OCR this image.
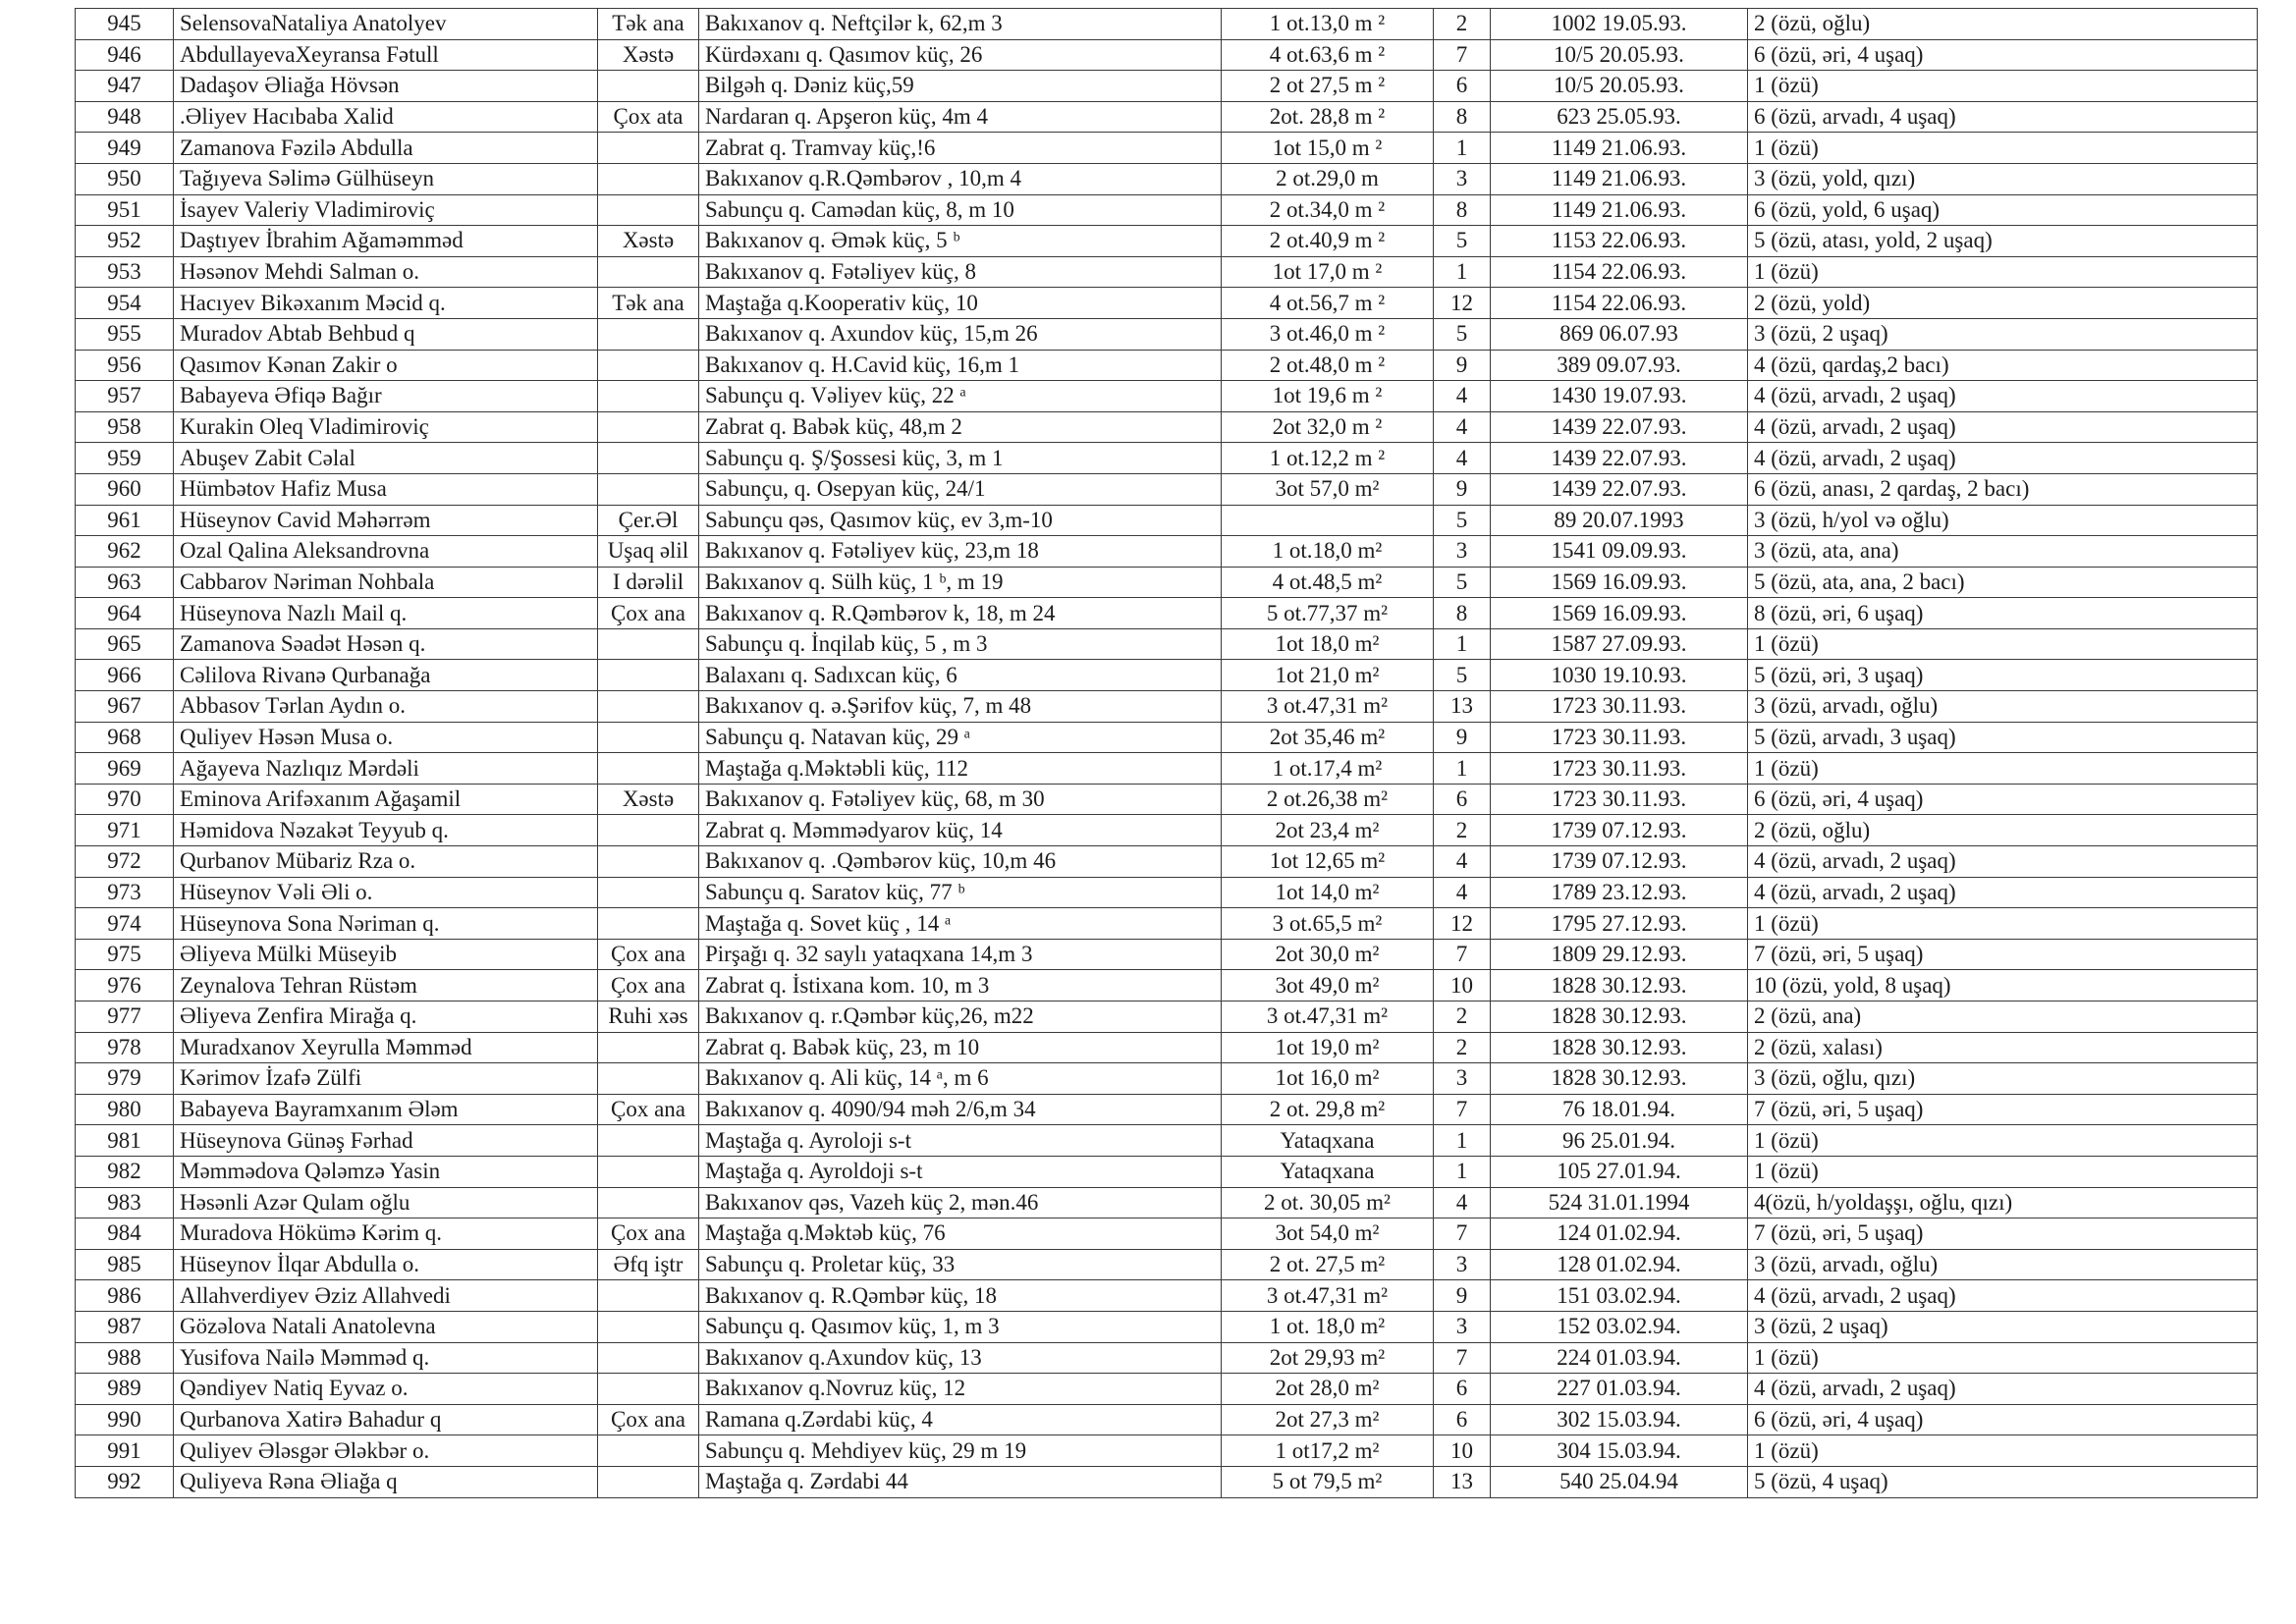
945	SelensovaNataliya Anatolyev	Tək ana	Bakıxanov q. Neftçilər k, 62,m 3	1 ot.13,0 m ²	2	1002 19.05.93.	2 (özü, oğlu)
946	AbdullayevaXeyransa Fətull	Xəstə	Kürdəxanı q. Qasımov küç, 26	4 ot.63,6 m ²	7	10/5 20.05.93.	6 (özü, əri, 4 uşaq)
947	Dadaşov Əliağa Hövsən		Bilgəh q. Dəniz küç,59	2 ot 27,5 m ²	6	10/5 20.05.93.	1 (özü)
948	.Əliyev Hacıbaba Xalid	Çox ata	Nardaran q. Apşeron küç, 4m 4	2ot. 28,8 m ²	8	623 25.05.93.	6 (özü, arvadı, 4 uşaq)
949	Zamanova Fəzilə Abdulla		Zabrat q. Tramvay küç,!6	1ot 15,0 m ²	1	1149 21.06.93.	1 (özü)
950	Tağıyeva Səlimə Gülhüseyn		Bakıxanov q.R.Qəmbərov , 10,m 4	2 ot.29,0 m	3	1149 21.06.93.	3 (özü, yold, qızı)
951	İsayev Valeriy Vladimiroviç		Sabunçu q. Camədan küç, 8, m 10	2 ot.34,0 m ²	8	1149 21.06.93.	6 (özü, yold, 6 uşaq)
952	Daştıyev İbrahim Ağaməmməd	Xəstə	Bakıxanov q. Əmək küç, 5 ᵇ	2 ot.40,9 m ²	5	1153 22.06.93.	5 (özü, atası, yold, 2 uşaq)
953	Həsənov Mehdi Salman o.		Bakıxanov q. Fətəliyev küç, 8	1ot 17,0 m ²	1	1154 22.06.93.	1 (özü)
954	Hacıyev Bikəxanım Məcid q.	Tək ana	Maştağa q.Kooperativ küç, 10	4 ot.56,7 m ²	12	1154 22.06.93.	2 (özü, yold)
955	Muradov Abtab Behbud q		Bakıxanov q. Axundov küç, 15,m 26	3 ot.46,0 m ²	5	869 06.07.93	3 (özü, 2 uşaq)
956	Qasımov Kənan Zakir o		Bakıxanov q. H.Cavid küç, 16,m 1	2 ot.48,0 m ²	9	389 09.07.93.	4 (özü, qardaş,2 bacı)
957	Babayeva Əfiqə Bağır		Sabunçu q. Vəliyev küç, 22 ᵃ	1ot 19,6 m ²	4	1430 19.07.93.	4 (özü, arvadı, 2 uşaq)
958	Kurakin Oleq Vladimiroviç		Zabrat q. Babək küç, 48,m 2	2ot 32,0 m ²	4	1439 22.07.93.	4 (özü, arvadı, 2 uşaq)
959	Abuşev Zabit Cəlal		Sabunçu q. Ş/Şossesi küç, 3, m 1	1 ot.12,2 m ²	4	1439 22.07.93.	4 (özü, arvadı, 2 uşaq)
960	Hümbətov Hafiz Musa		Sabunçu, q. Osepyan küç, 24/1	3ot 57,0 m²	9	1439 22.07.93.	6 (özü, anası, 2 qardaş, 2 bacı)
961	Hüseynov Cavid Məhərrəm	Çer.Əl	Sabunçu qəs, Qasımov küç, ev 3,m-10		5	89 20.07.1993	3 (özü, h/yol və oğlu)
962	Ozal Qalina Aleksandrovna	Uşaq əlil	Bakıxanov q. Fətəliyev küç, 23,m 18	1 ot.18,0 m²	3	1541 09.09.93.	3 (özü, ata, ana)
963	Cabbarov Nəriman Nohbala	I dərəlil	Bakıxanov q. Sülh küç, 1 ᵇ, m 19	4 ot.48,5 m²	5	1569 16.09.93.	5 (özü, ata, ana, 2 bacı)
964	Hüseynova Nazlı Mail q.	Çox ana	Bakıxanov q. R.Qəmbərov k, 18, m 24	5 ot.77,37 m²	8	1569 16.09.93.	8 (özü, əri, 6 uşaq)
965	Zamanova Səadət Həsən q.		Sabunçu q. İnqilab küç, 5 , m 3	1ot 18,0 m²	1	1587 27.09.93.	1 (özü)
966	Cəlilova Rivanə Qurbanağa		Balaxanı q. Sadıxcan küç, 6	1ot 21,0 m²	5	1030 19.10.93.	5 (özü, əri, 3 uşaq)
967	Abbasov Tərlan Aydın o.		Bakıxanov q. ə.Şərifov küç, 7, m 48	3 ot.47,31 m²	13	1723 30.11.93.	3 (özü, arvadı, oğlu)
968	Quliyev Həsən Musa o.		Sabunçu q. Natavan küç, 29 ᵃ	2ot 35,46 m²	9	1723 30.11.93.	5 (özü, arvadı, 3 uşaq)
969	Ağayeva Nazlıqız Mərdəli		Maştağa q.Məktəbli küç, 112	1 ot.17,4 m²	1	1723 30.11.93.	1 (özü)
970	Eminova Arifəxanım Ağaşamil	Xəstə	Bakıxanov q. Fətəliyev küç, 68, m 30	2 ot.26,38 m²	6	1723 30.11.93.	6 (özü, əri, 4 uşaq)
971	Həmidova Nəzakət Teyyub q.		Zabrat q. Məmmədyarov küç, 14	2ot 23,4 m²	2	1739 07.12.93.	2 (özü, oğlu)
972	Qurbanov Mübariz Rza o.		Bakıxanov q. .Qəmbərov küç, 10,m 46	1ot 12,65 m²	4	1739 07.12.93.	4 (özü, arvadı, 2 uşaq)
973	Hüseynov Vəli Əli o.		Sabunçu q. Saratov küç, 77 ᵇ	1ot 14,0 m²	4	1789 23.12.93.	4 (özü, arvadı, 2 uşaq)
974	Hüseynova Sona Nəriman q.		Maştağa q. Sovet küç , 14 ᵃ	3 ot.65,5 m²	12	1795 27.12.93.	1 (özü)
975	Əliyeva Mülki Müseyib	Çox ana	Pirşağı q. 32 saylı yataqxana 14,m 3	2ot 30,0 m²	7	1809 29.12.93.	7 (özü, əri, 5 uşaq)
976	Zeynalova Tehran Rüstəm	Çox ana	Zabrat q. İstixana kom. 10, m 3	3ot 49,0 m²	10	1828 30.12.93.	10 (özü, yold, 8 uşaq)
977	Əliyeva Zenfira Mirağa q.	Ruhi xəs	Bakıxanov q. r.Qəmbər küç,26, m22	3 ot.47,31 m²	2	1828 30.12.93.	2 (özü, ana)
978	Muradxanov Xeyrulla Məmməd		Zabrat q. Babək küç, 23, m 10	1ot 19,0 m²	2	1828 30.12.93.	2 (özü, xalası)
979	Kərimov İzafə Zülfi		Bakıxanov q. Ali küç, 14 ᵃ, m 6	1ot 16,0 m²	3	1828 30.12.93.	3 (özü, oğlu, qızı)
980	Babayeva Bayramxanım Ələm	Çox ana	Bakıxanov q. 4090/94 məh 2/6,m 34	2 ot. 29,8 m²	7	76 18.01.94.	7 (özü, əri, 5 uşaq)
981	Hüseynova Günəş Fərhad		Maştağa q. Ayroloji s-t	Yataqxana	1	96 25.01.94.	1 (özü)
982	Məmmədova Qələmzə Yasin		Maştağa q. Ayroldoji s-t	Yataqxana	1	105 27.01.94.	1 (özü)
983	Həsənli Azər Qulam oğlu		Bakıxanov qəs, Vazeh küç 2, mən.46	2 ot. 30,05 m²	4	524 31.01.1994	4(özü, h/yoldaşşı, oğlu, qızı)
984	Muradova Hökümə Kərim q.	Çox ana	Maştağa q.Məktəb küç, 76	3ot 54,0 m²	7	124 01.02.94.	7 (özü, əri, 5 uşaq)
985	Hüseynov İlqar Abdulla o.	Əfq iştr	Sabunçu q. Proletar küç, 33	2 ot. 27,5 m²	3	128 01.02.94.	3 (özü, arvadı, oğlu)
986	Allahverdiyev Əziz Allahvedi		Bakıxanov q. R.Qəmbər küç, 18	3 ot.47,31 m²	9	151 03.02.94.	4 (özü, arvadı, 2 uşaq)
987	Gözəlova Natali Anatolevna		Sabunçu q. Qasımov küç, 1, m 3	1 ot. 18,0 m²	3	152 03.02.94.	3 (özü, 2 uşaq)
988	Yusifova Nailə Məmməd q.		Bakıxanov q.Axundov küç, 13	2ot 29,93 m²	7	224 01.03.94.	1 (özü)
989	Qəndiyev Natiq Eyvaz o.		Bakıxanov q.Novruz küç, 12	2ot 28,0 m²	6	227 01.03.94.	4 (özü, arvadı, 2 uşaq)
990	Qurbanova Xatirə Bahadur q	Çox ana	Ramana q.Zərdabi küç, 4	2ot 27,3 m²	6	302 15.03.94.	6 (özü, əri, 4 uşaq)
991	Quliyev Ələsgər Ələkbər o.		Sabunçu q. Mehdiyev küç, 29 m 19	1 ot17,2 m²	10	304 15.03.94.	1 (özü)
992	Quliyeva Rəna Əliağa q		Maştağa q. Zərdabi 44	5 ot 79,5 m²	13	540 25.04.94	5 (özü, 4 uşaq)
